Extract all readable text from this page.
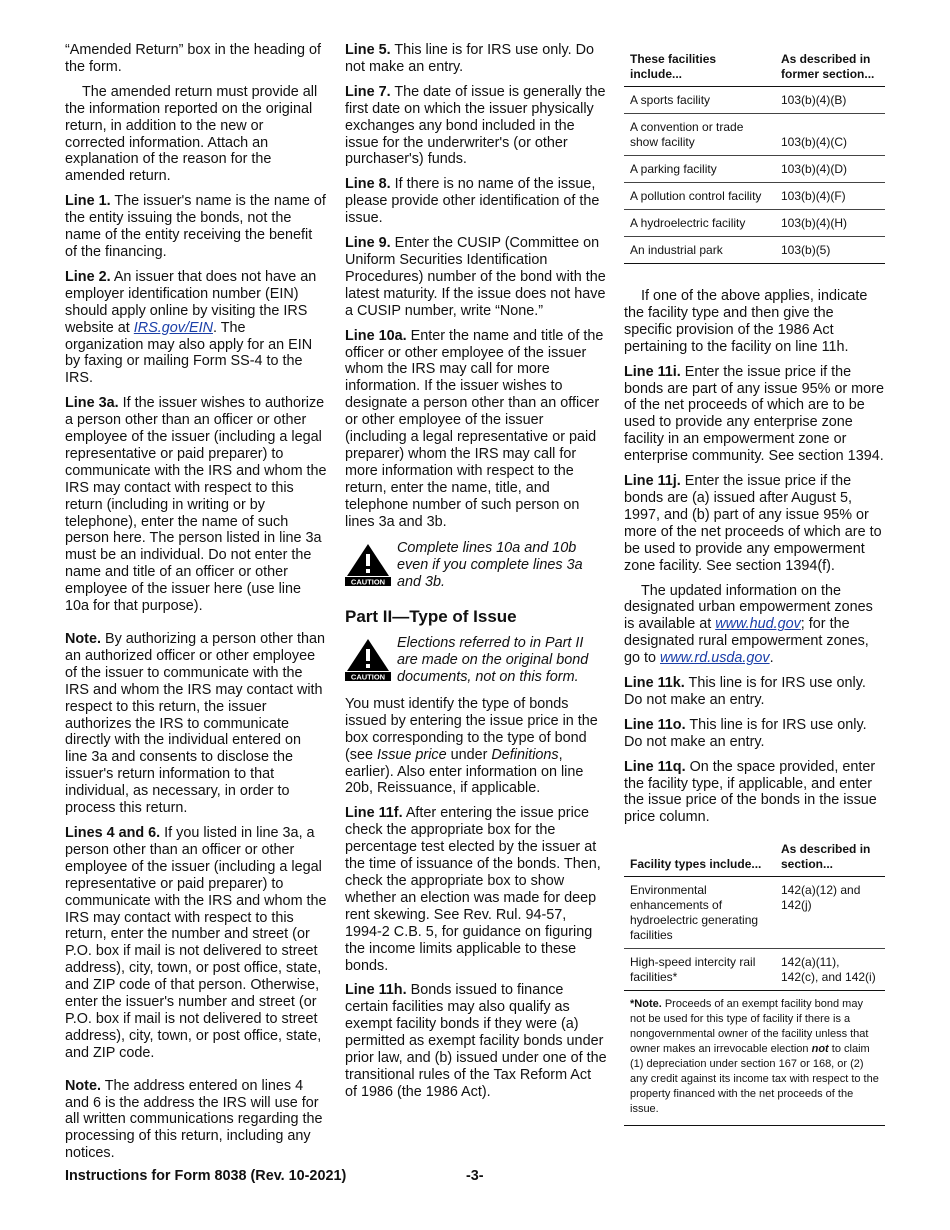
“Amended Return” box in the heading of the form.

The amended return must provide all the information reported on the original return, in addition to the new or corrected information. Attach an explanation of the reason for the amended return.

Line 1. The issuer's name is the name of the entity issuing the bonds, not the name of the entity receiving the benefit of the financing.

Line 2. An issuer that does not have an employer identification number (EIN) should apply online by visiting the IRS website at IRS.gov/EIN. The organization may also apply for an EIN by faxing or mailing Form SS-4 to the IRS.

Line 3a. If the issuer wishes to authorize a person other than an officer or other employee of the issuer (including a legal representative or paid preparer) to communicate with the IRS and whom the IRS may contact with respect to this return (including in writing or by telephone), enter the name of such person here. The person listed in line 3a must be an individual. Do not enter the name and title of an officer or other employee of the issuer here (use line 10a for that purpose).

Note. By authorizing a person other than an authorized officer or other employee of the issuer to communicate with the IRS and whom the IRS may contact with respect to this return, the issuer authorizes the IRS to communicate directly with the individual entered on line 3a and consents to disclose the issuer's return information to that individual, as necessary, in order to process this return.

Lines 4 and 6. If you listed in line 3a, a person other than an officer or other employee of the issuer (including a legal representative or paid preparer) to communicate with the IRS and whom the IRS may contact with respect to this return, enter the number and street (or P.O. box if mail is not delivered to street address), city, town, or post office, state, and ZIP code of that person. Otherwise, enter the issuer's number and street (or P.O. box if mail is not delivered to street address), city, town, or post office, state, and ZIP code.

Note. The address entered on lines 4 and 6 is the address the IRS will use for all written communications regarding the processing of this return, including any notices.

Line 5. This line is for IRS use only. Do not make an entry.

Line 7. The date of issue is generally the first date on which the issuer physically exchanges any bond included in the issue for the underwriter's (or other purchaser's) funds.

Line 8. If there is no name of the issue, please provide other identification of the issue.

Line 9. Enter the CUSIP (Committee on Uniform Securities Identification Procedures) number of the bond with the latest maturity. If the issue does not have a CUSIP number, write “None.”

Line 10a. Enter the name and title of the officer or other employee of the issuer whom the IRS may call for more information. If the issuer wishes to designate a person other than an officer or other employee of the issuer (including a legal representative or paid preparer) whom the IRS may call for more information with respect to the return, enter the name, title, and telephone number of such person on lines 3a and 3b.

CAUTION
Complete lines 10a and 10b even if you complete lines 3a and 3b.
Part II—Type of Issue
CAUTION
Elections referred to in Part II are made on the original bond documents, not on this form.

You must identify the type of bonds issued by entering the issue price in the box corresponding to the type of bond (see Issue price under Definitions, earlier). Also enter information on line 20b, Reissuance, if applicable.

Line 11f. After entering the issue price check the appropriate box for the percentage test elected by the issuer at the time of issuance of the bonds. Then, check the appropriate box to show whether an election was made for deep rent skewing. See Rev. Rul. 94-57, 1994-2 C.B. 5, for guidance on figuring the income limits applicable to these bonds.

Line 11h. Bonds issued to finance certain facilities may also qualify as exempt facility bonds if they were (a) permitted as exempt facility bonds under prior law, and (b) issued under one of the transitional rules of the Tax Reform Act of 1986 (the 1986 Act).

These facilities include...	As described in former section...
A sports facility	103(b)(4)(B)
A convention or trade show facility	103(b)(4)(C)
A parking facility	103(b)(4)(D)
A pollution control facility	103(b)(4)(F)
A hydroelectric facility	103(b)(4)(H)
An industrial park	103(b)(5)

If one of the above applies, indicate the facility type and then give the specific provision of the 1986 Act pertaining to the facility on line 11h.

Line 11i. Enter the issue price if the bonds are part of any issue 95% or more of the net proceeds of which are to be used to provide any enterprise zone facility in an empowerment zone or enterprise community. See section 1394.

Line 11j. Enter the issue price if the bonds are (a) issued after August 5, 1997, and (b) part of any issue 95% or more of the net proceeds of which are to be used to provide any empowerment zone facility. See section 1394(f).

The updated information on the designated urban empowerment zones is available at www.hud.gov; for the designated rural empowerment zones, go to www.rd.usda.gov.

Line 11k. This line is for IRS use only. Do not make an entry.

Line 11o. This line is for IRS use only. Do not make an entry.

Line 11q. On the space provided, enter the facility type, if applicable, and enter the issue price of the bonds in the issue price column.

Facility types include...	As described in section...
Environmental enhancements of hydroelectric generating facilities	142(a)(12) and 142(j)
High-speed intercity rail facilities*	142(a)(11), 142(c), and 142(i)
*Note. Proceeds of an exempt facility bond may not be used for this type of facility if there is a nongovernmental owner of the facility unless that owner makes an irrevocable election not to claim (1) depreciation under section 167 or 168, or (2) any credit against its income tax with respect to the property financed with the net proceeds of the issue.
Instructions for Form 8038 (Rev. 10-2021)	-3-
